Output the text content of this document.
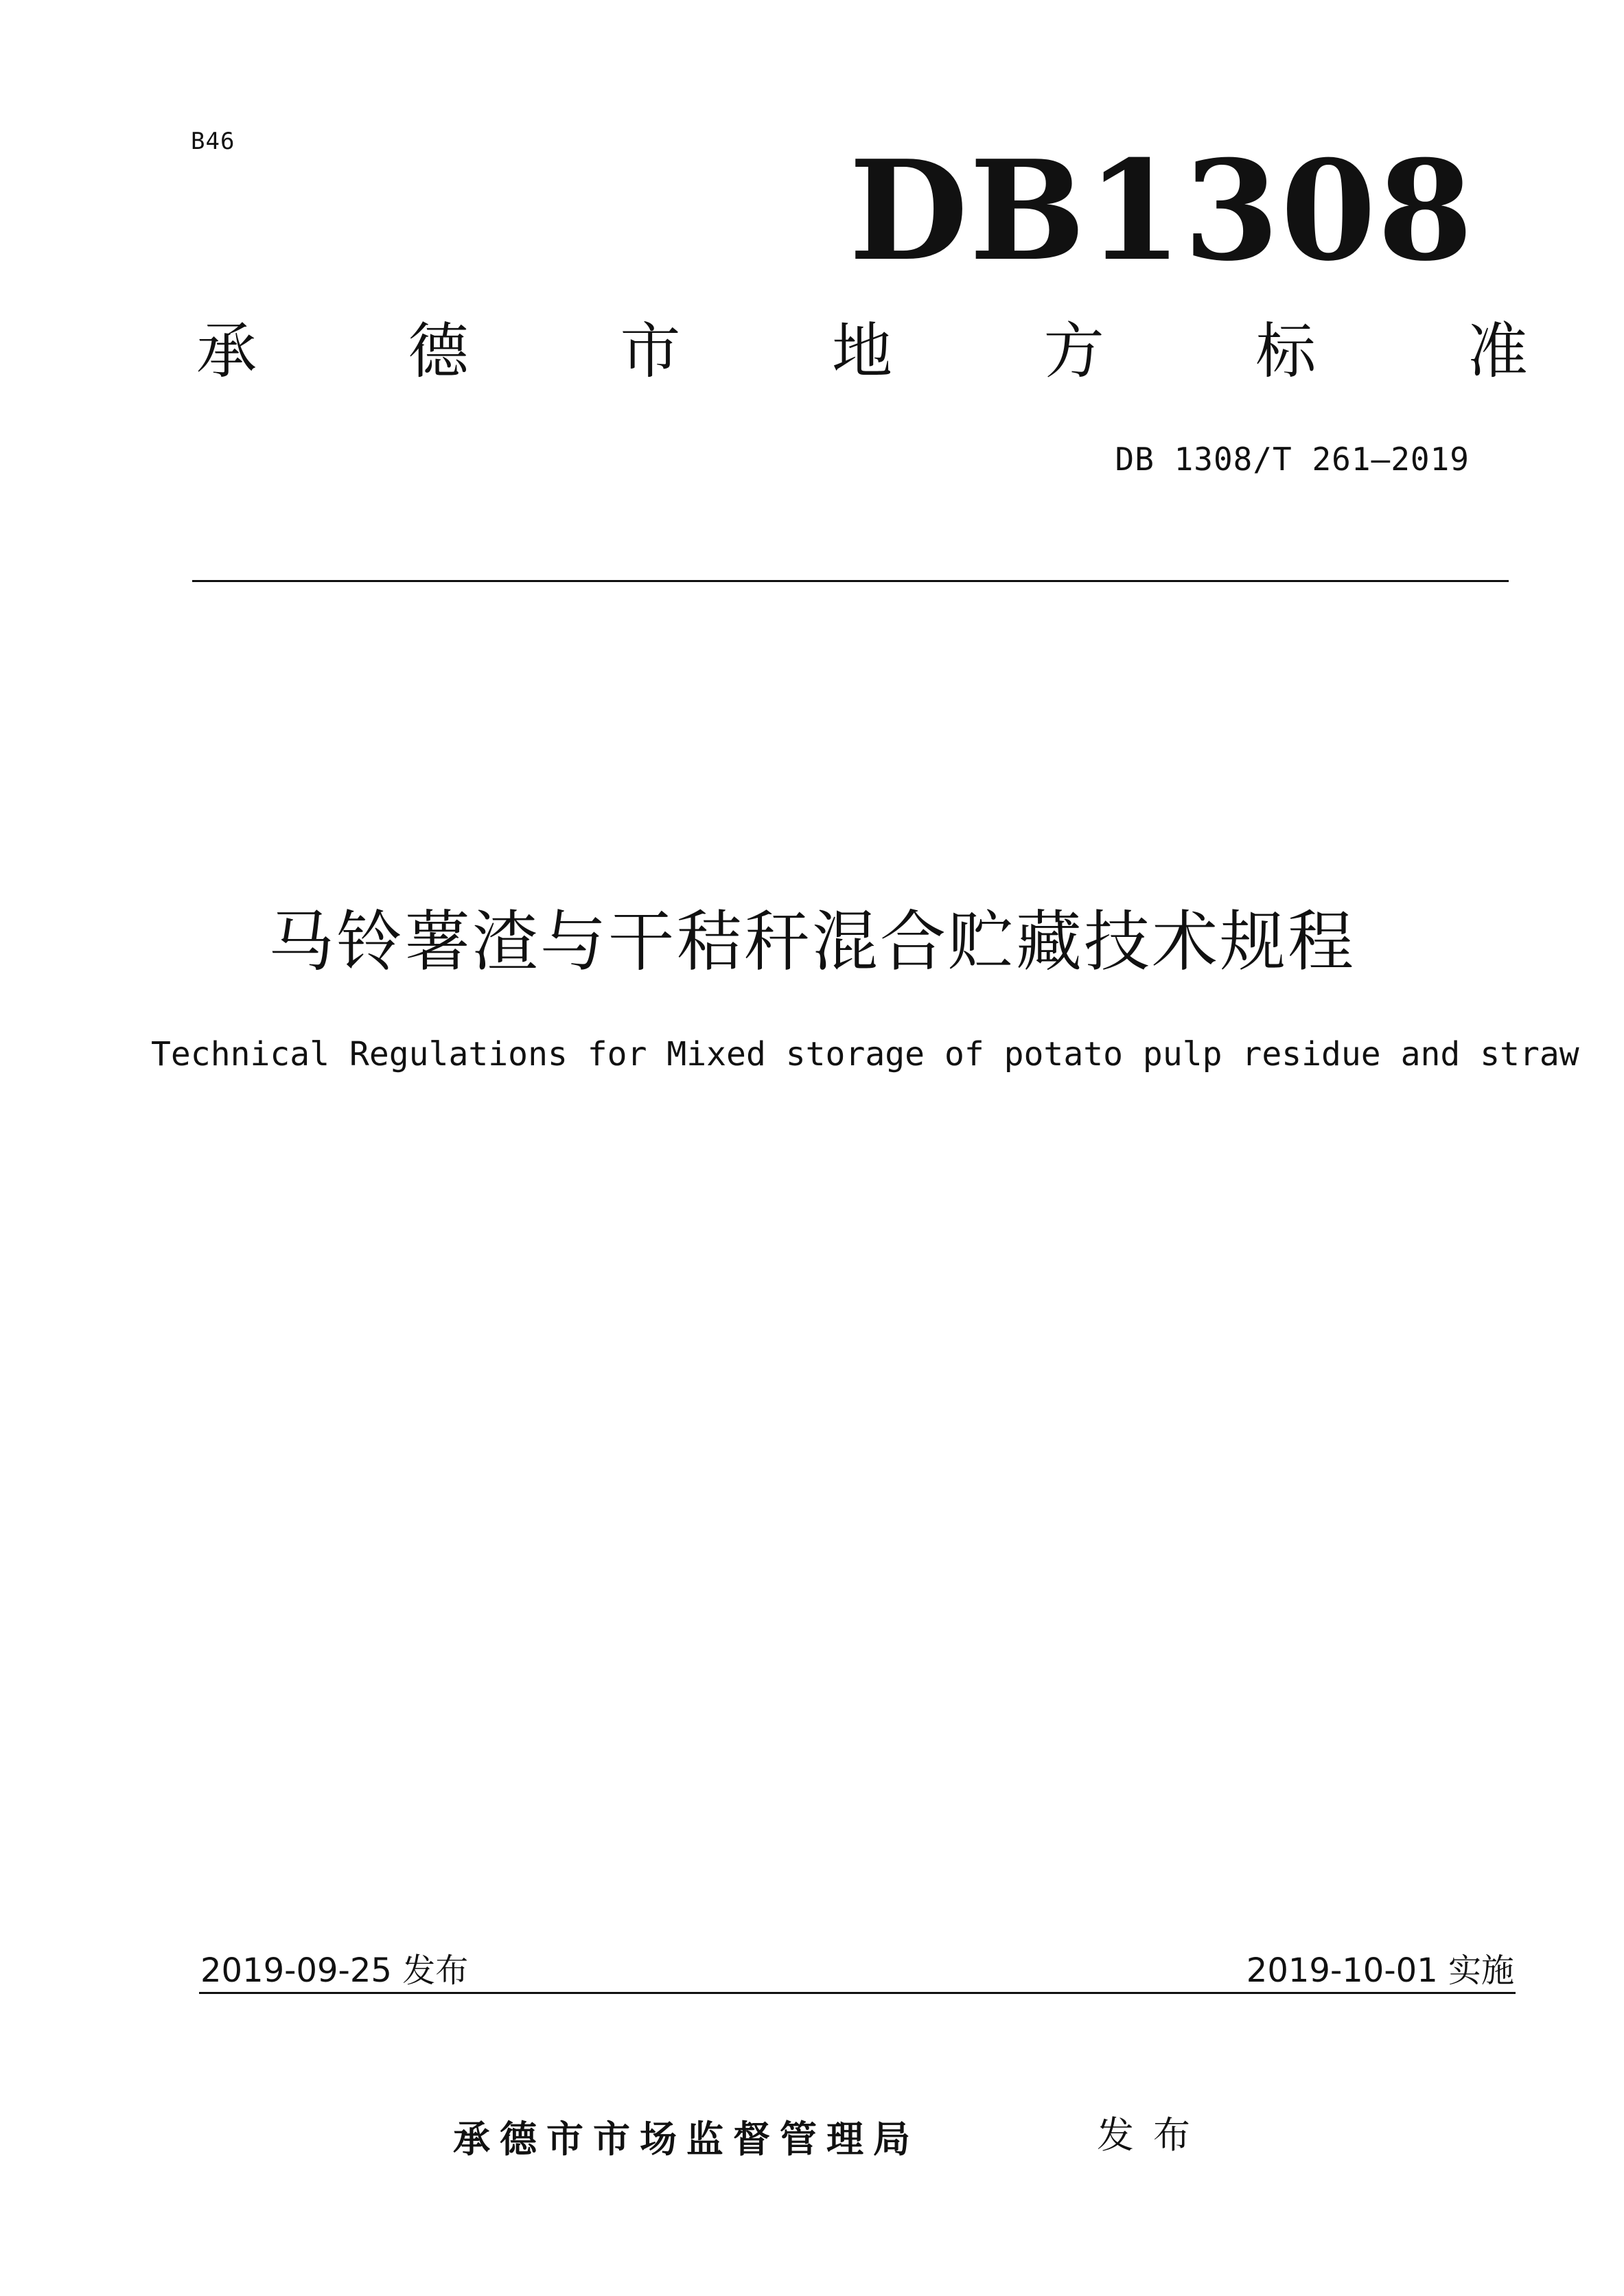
B46	DB1308
承	德	市	地	方	标	准
DB 1308/T 261—2019
马铃薯渣与干秸秆混合贮藏技术规程
Technical Regulations for Mixed storage of potato pulp residue and straw
2019-09-25 发布	2019-10-01 实施
承德市市场监督管理局	发布
